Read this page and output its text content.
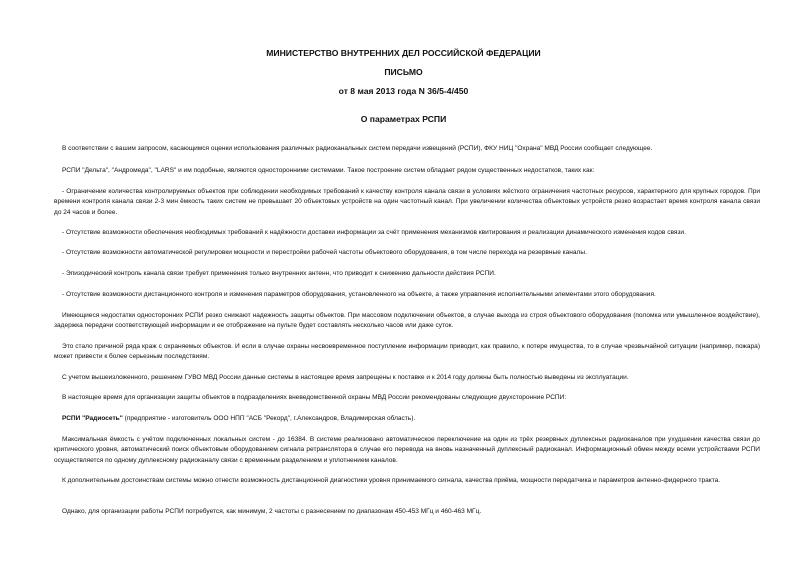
МИНИСТЕРСТВО ВНУТРЕННИХ ДЕЛ РОССИЙСКОЙ ФЕДЕРАЦИИ
ПИСЬМО
от 8 мая 2013 года N 36/5-4/450
О параметрах РСПИ

В соответствии с вашим запросом, касающимся оценки использования различных радиоканальных систем передачи извещений (РСПИ), ФКУ НИЦ "Охрана" МВД России сообщает следующее.

РСПИ "Дельта", "Андромеда", "LARS" и им подобные, являются односторонними системами. Такое построение систем обладает рядом существенных недостатков, таких как:

- Ограничение количества контролируемых объектов при соблюдении необходимых требований к качеству контроля канала связи в условиях жёсткого ограничения частотных ресурсов, характерного для крупных городов. При времени контроля канала связи 2-3 мин ёмкость таких систем не превышает 20 объектовых устройств на один частотный канал. При увеличении количества объектовых устройств резко возрастает время контроля канала связи до 24 часов и более.

- Отсутствие возможности обеспечения необходимых требований к надёжности доставки информации за счёт применения механизмов квитирования и реализации динамического изменения кодов связи.

- Отсутствие возможности автоматической регулировки мощности и перестройки рабочей частоты объектового оборудования, в том числе перехода на резервные каналы.

- Эпизодический контроль канала связи требует применения только внутренних антенн, что приводит к снижению дальности действия РСПИ.

- Отсутствие возможности дистанционного контроля и изменения параметров оборудования, установленного на объекте, а также управления исполнительными элементами этого оборудования.

Имеющиеся недостатки односторонних РСПИ резко снижают надежность защиты объектов. При массовом подключении объектов, в случае выхода из строя объектового оборудования (поломка или умышленное воздействие), задержка передачи соответствующей информации и ее отображение на пульте будет составлять несколько часов или даже суток.

Это стало причиной ряда краж с охраняемых объектов. И если в случае охраны несвоевременное поступление информации приводит, как правило, к потере имущества, то в случае чрезвычайной ситуации (например, пожара) может привести к более серьезным последствиям.

С учетом вышеизложенного, решением ГУВО МВД России данные системы в настоящее время запрещены к поставке и к 2014 году должны быть полностью выведены из эксплуатации.

В настоящее время для организации защиты объектов в подразделениях вневедомственной охраны МВД России рекомендованы следующие двухсторонние РСПИ:

РСПИ "Радиосеть" (предприятие - изготовитель ООО НПП "АСБ "Рекорд", г.Александров, Владимирская область).

Максимальная ёмкость с учётом подключенных локальных систем - до 16384. В системе реализовано автоматическое переключение на один из трёх резервных дуплексных радиоканалов при ухудшении качества связи до критического уровня, автоматический поиск объектовым оборудованием сигнала ретранслятора в случае его перевода на вновь назначенный дуплексный радиоканал. Информационный обмен между всеми устройствами РСПИ осуществляется по одному дуплексному радиоканалу связи с временным разделением и уплотнением каналов.

К дополнительным достоинствам системы можно отнести возможность дистанционной диагностики уровня принимаемого сигнала, качества приёма, мощности передатчика и параметров антенно-фидерного тракта.

Однако, для организации работы РСПИ потребуется, как минимум, 2 частоты с разнесением по диапазонам 450-453 МГц и 460-463 МГц.
